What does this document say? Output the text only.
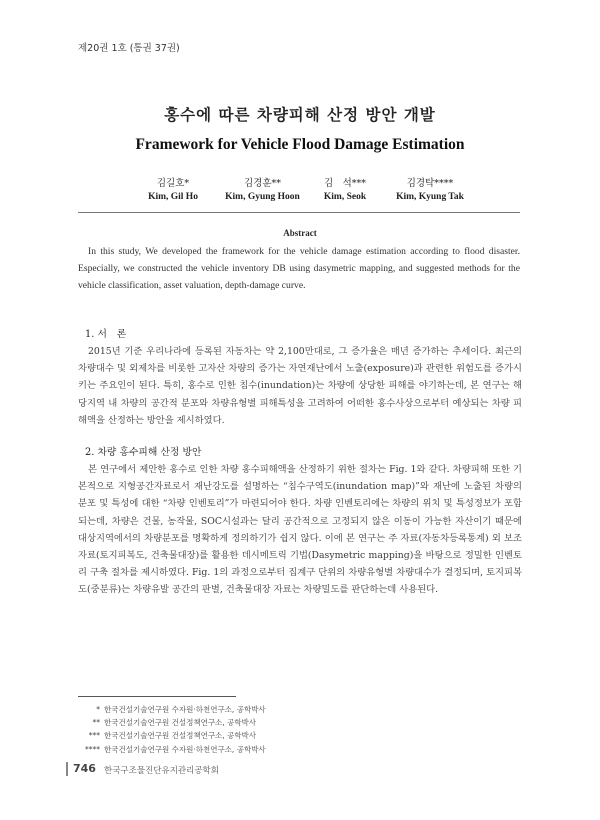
제20권 1호 (통권 37권)
홍수에 따른 차량피해 산정 방안 개발
Framework for Vehicle Flood Damage Estimation
김길호*
Kim, Gil Ho
김경훈**
Kim, Gyung Hoon
김　석***
Kim, Seok
김경탁****
Kim, Kyung Tak
Abstract
In this study, We developed the framework for the vehicle damage estimation according to flood disaster. Especially, we constructed the vehicle inventory DB using dasymetric mapping, and suggested methods for the vehicle classification, asset valuation, depth-damage curve.
1. 서　론
2015년 기준 우리나라에 등록된 자동차는 약 2,100만대로, 그 증가율은 매년 증가하는 추세이다. 최근의 차량대수 및 외제차를 비롯한 고자산 차량의 증가는 자연재난에서 노출(exposure)과 관련한 위험도를 증가시키는 주요인이 된다. 특히, 홍수로 인한 침수(inundation)는 차량에 상당한 피해를 야기하는데, 본 연구는 해당지역 내 차량의 공간적 분포와 차량유형별 피해특성을 고려하여 어떠한 홍수사상으로부터 예상되는 차량 피해액을 산정하는 방안을 제시하였다.
2. 차량 홍수피해 산정 방안
본 연구에서 제안한 홍수로 인한 차량 홍수피해액을 산정하기 위한 절차는 Fig. 1와 같다. 차량피해 또한 기본적으로 지형공간자료로서 재난강도를 설명하는 “침수구역도(inundation map)”와 재난에 노출된 차량의 분포 및 특성에 대한 “차량 인벤토리”가 마련되어야 한다. 차량 인벤토리에는 차량의 위치 및 특성정보가 포함되는데, 차량은 건물, 농작물, SOC시설과는 달리 공간적으로 고정되지 않은 이동이 가능한 자산이기 때문에 대상지역에서의 차량분포를 명확하게 정의하기가 쉽지 않다. 이에 본 연구는 주 자료(자동차등록통계) 외 보조자료(토지피복도, 건축물대장)를 활용한 데시메트릭 기법(Dasymetric mapping)을 바탕으로 정밀한 인벤토리 구축 절차를 제시하였다. Fig. 1의 과정으로부터 집계구 단위의 차량유형별 차량대수가 결정되며, 토지피복도(중분류)는 차량유발 공간의 판별, 건축물대장 자료는 차량밀도를 판단하는데 사용된다.
* 한국건설기술연구원 수자원·하천연구소, 공학박사
** 한국건설기술연구원 건설정책연구소, 공학박사
*** 한국건설기술연구원 건설정책연구소, 공학박사
**** 한국건설기술연구원 수자원·하천연구소, 공학박사
746 한국구조물진단유지관리공학회
